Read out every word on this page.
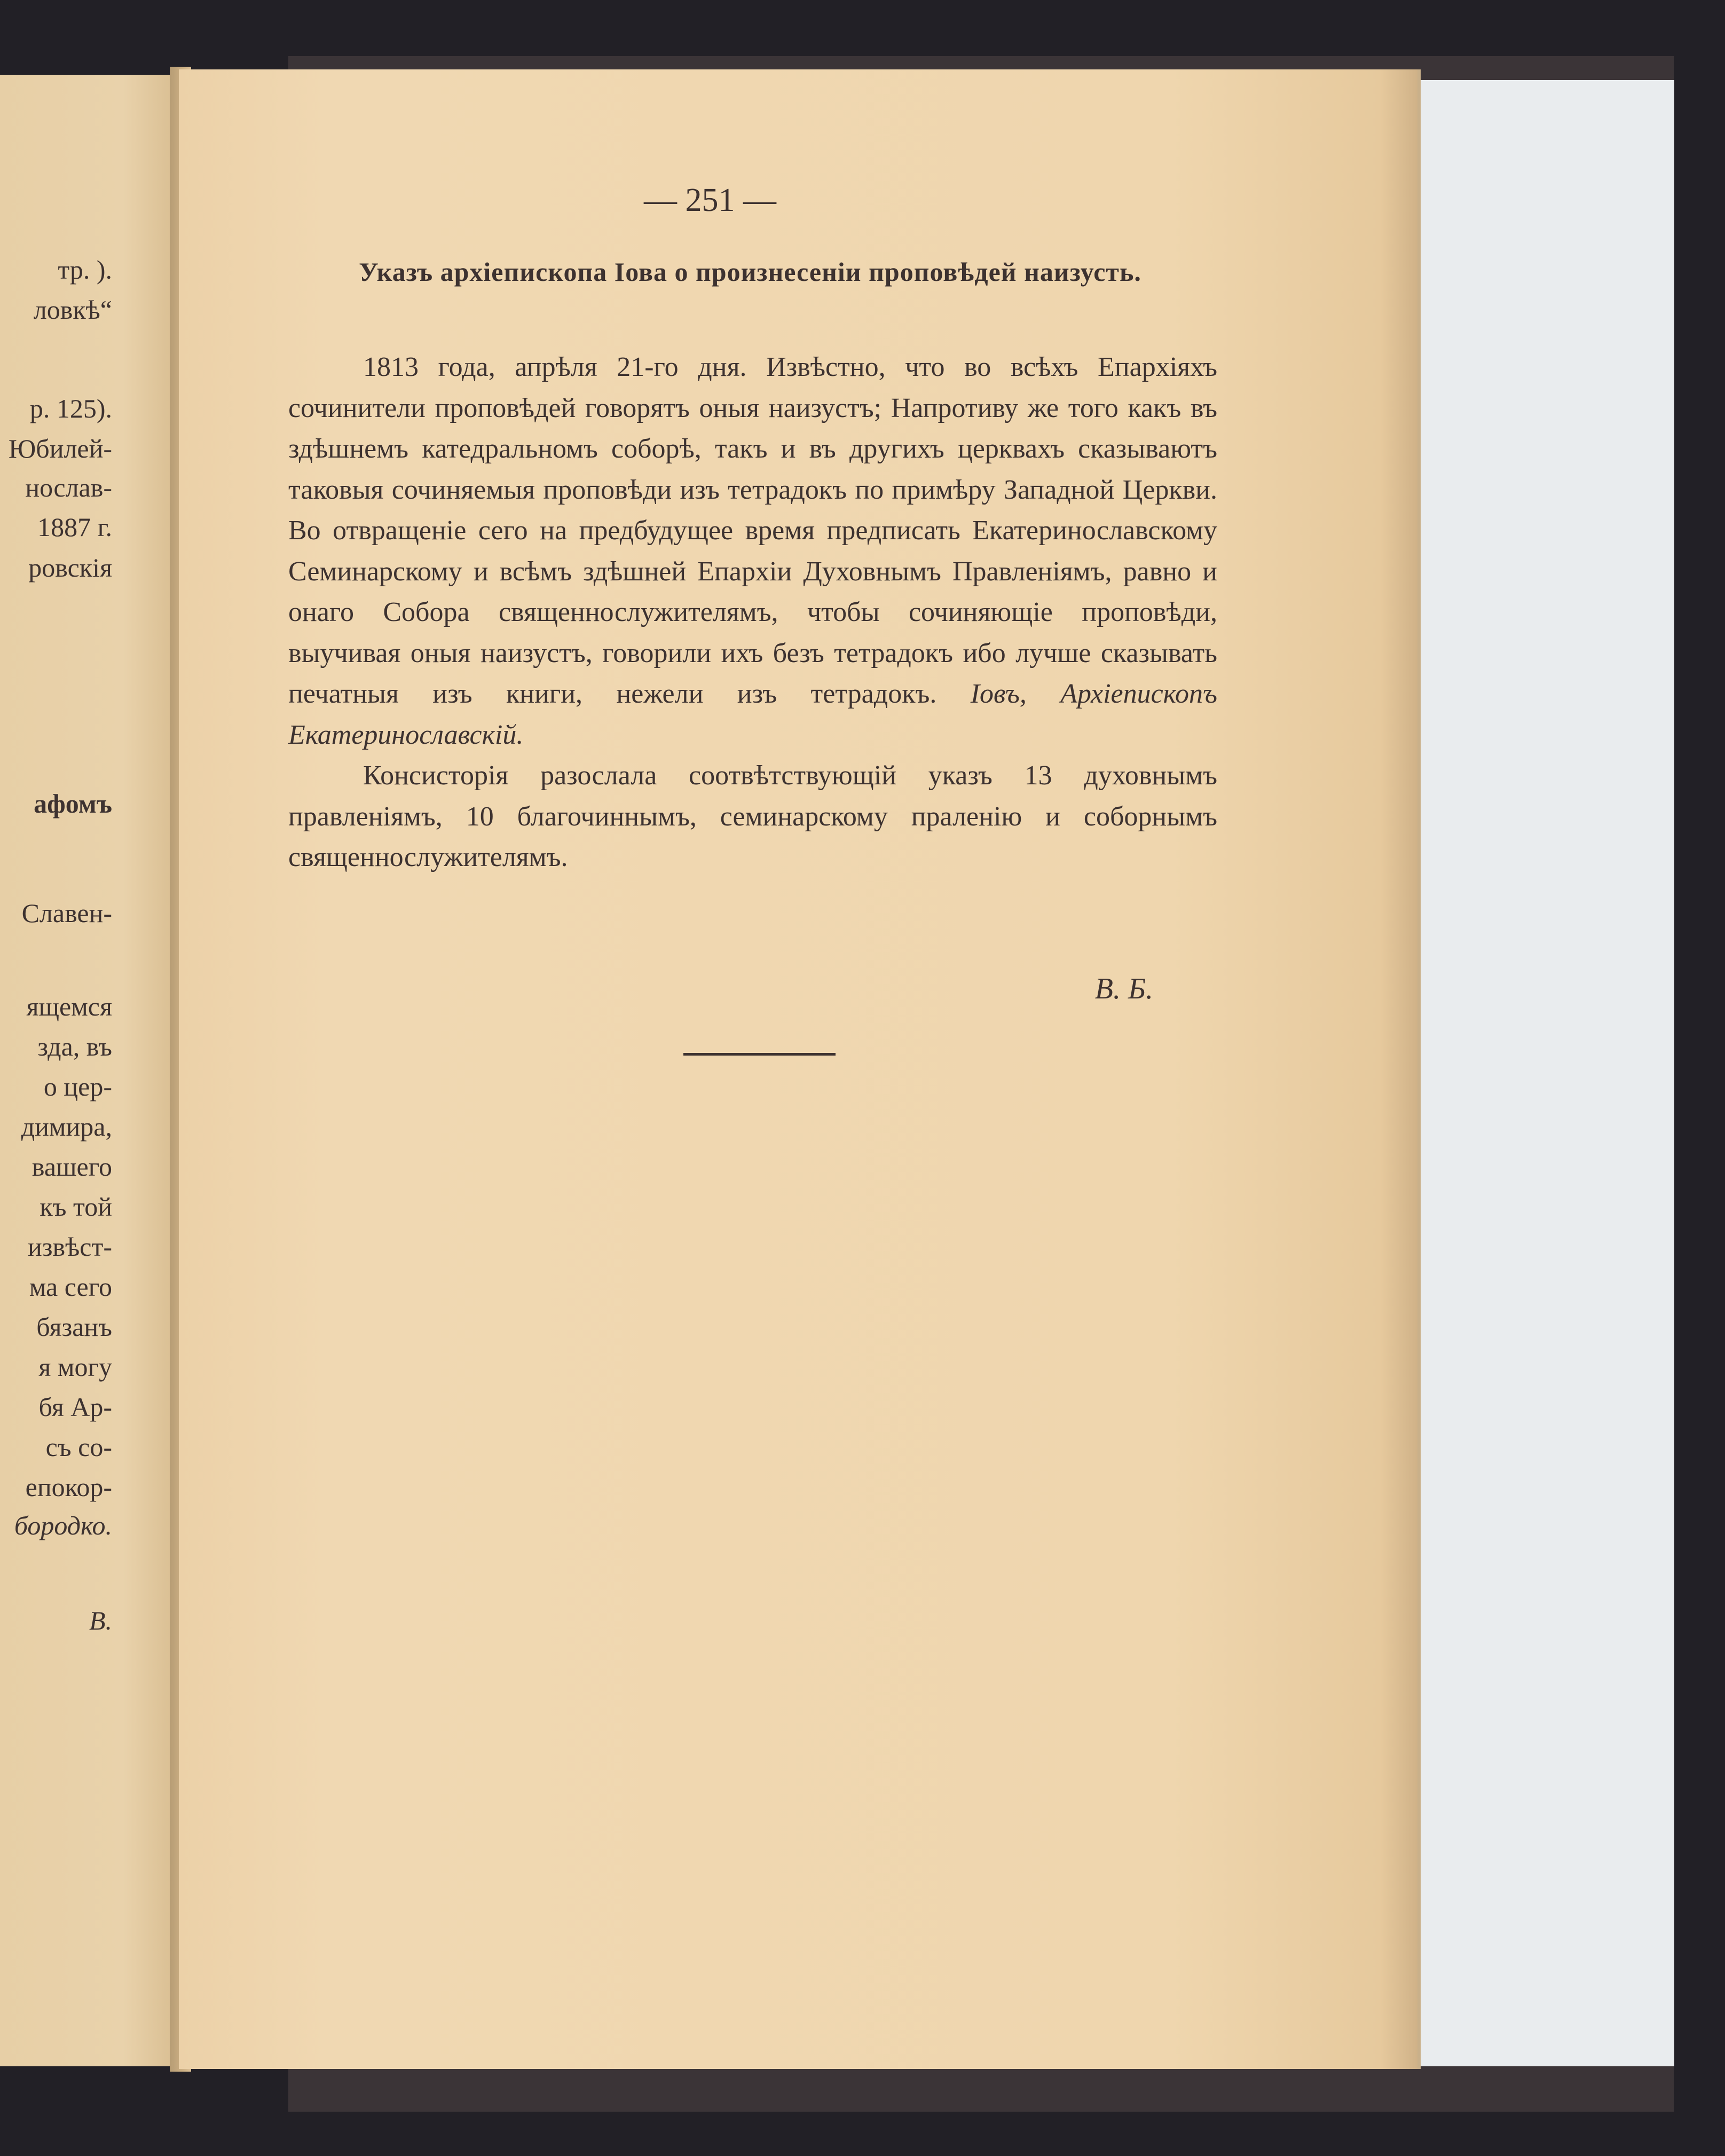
тр. ).
ловкѣ“
р. 125).
Юбилей-
нослав-
1887 г.
ровскія
афомъ
Славен-
ящемся
зда, въ
о цер-
димира,
вашего
къ той
извѣст-
ма сего
бязанъ
я могу
бя Ар-
съ со-
епокор-
бородко.
В.
— 251 —
Указъ архіепископа Іова о произнесеніи проповѣдей наизусть.

1813 года, апрѣля 21-го дня. Извѣстно, что во всѣхъ Епархіяхъ сочинители проповѣдей говорятъ оныя наизустъ; Напротиву же того какъ въ здѣшнемъ катедральномъ соборѣ, такъ и въ другихъ церквахъ сказываютъ таковыя сочиняемыя проповѣди изъ тетрадокъ по примѣру Западной Церкви. Во отвращеніе сего на предбудущее время предписать Екатеринославскому Семинарскому и всѣмъ здѣшней Епархіи Духовнымъ Правленіямъ, равно и онаго Собора священнослужителямъ, чтобы сочиняющіе проповѣди, выучивая оныя наизустъ, говорили ихъ безъ тетрадокъ ибо лучше сказывать печатныя изъ книги, нежели изъ тетрадокъ. Іовъ, Архіепископъ Екатеринославскій.

Консисторія разослала соотвѣтствующій указъ 13 духовнымъ правленіямъ, 10 благочиннымъ, семинарскому праленію и соборнымъ священнослужителямъ.

В. Б.
